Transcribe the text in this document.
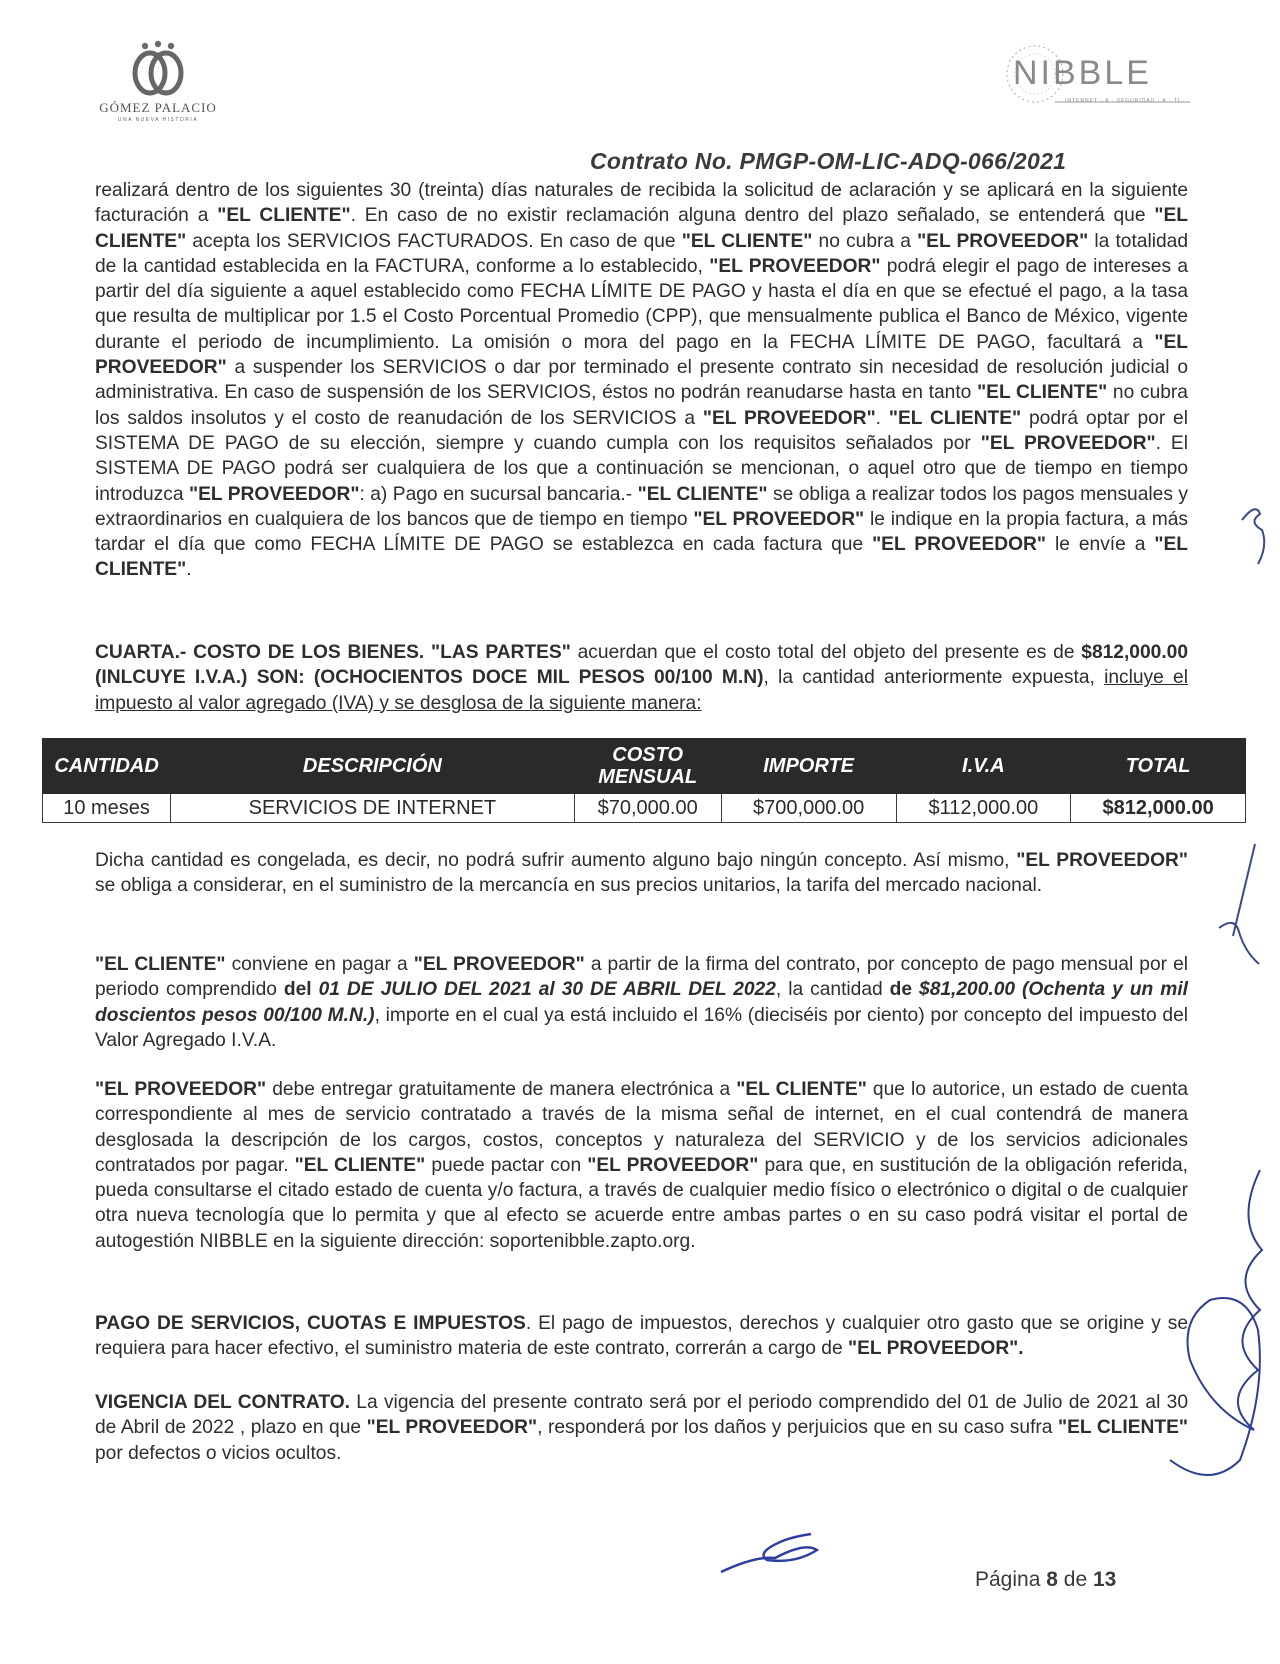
GÓMEZ PALACIO
UNA NUEVA HISTORIA
NIBBLE
INTERNET · A · SEGURIDAD · A · TI
Contrato No. PMGP-OM-LIC-ADQ-066/2021
realizará dentro de los siguientes 30 (treinta) días naturales de recibida la solicitud de aclaración y se aplicará en la siguiente facturación a "EL CLIENTE". En caso de no existir reclamación alguna dentro del plazo señalado, se entenderá que "EL CLIENTE" acepta los SERVICIOS FACTURADOS. En caso de que "EL CLIENTE" no cubra a "EL PROVEEDOR" la totalidad de la cantidad establecida en la FACTURA, conforme a lo establecido, "EL PROVEEDOR" podrá elegir el pago de intereses a partir del día siguiente a aquel establecido como FECHA LÍMITE DE PAGO y hasta el día en que se efectué el pago, a la tasa que resulta de multiplicar por 1.5 el Costo Porcentual Promedio (CPP), que mensualmente publica el Banco de México, vigente durante el periodo de incumplimiento. La omisión o mora del pago en la FECHA LÍMITE DE PAGO, facultará a "EL PROVEEDOR" a suspender los SERVICIOS o dar por terminado el presente contrato sin necesidad de resolución judicial o administrativa. En caso de suspensión de los SERVICIOS, éstos no podrán reanudarse hasta en tanto "EL CLIENTE" no cubra los saldos insolutos y el costo de reanudación de los SERVICIOS a "EL PROVEEDOR". "EL CLIENTE" podrá optar por el SISTEMA DE PAGO de su elección, siempre y cuando cumpla con los requisitos señalados por "EL PROVEEDOR". El SISTEMA DE PAGO podrá ser cualquiera de los que a continuación se mencionan, o aquel otro que de tiempo en tiempo introduzca "EL PROVEEDOR": a) Pago en sucursal bancaria.- "EL CLIENTE" se obliga a realizar todos los pagos mensuales y extraordinarios en cualquiera de los bancos que de tiempo en tiempo "EL PROVEEDOR" le indique en la propia factura, a más tardar el día que como FECHA LÍMITE DE PAGO se establezca en cada factura que "EL PROVEEDOR" le envíe a "EL CLIENTE".
CUARTA.- COSTO DE LOS BIENES. "LAS PARTES" acuerdan que el costo total del objeto del presente es de $812,000.00 (INLCUYE I.V.A.) SON: (OCHOCIENTOS DOCE MIL PESOS 00/100 M.N), la cantidad anteriormente expuesta, incluye el impuesto al valor agregado (IVA) y se desglosa de la siguiente manera:
CANTIDAD	DESCRIPCIÓN	COSTO MENSUAL	IMPORTE	I.V.A	TOTAL
10 meses	SERVICIOS DE INTERNET	$70,000.00	$700,000.00	$112,000.00	$812,000.00
Dicha cantidad es congelada, es decir, no podrá sufrir aumento alguno bajo ningún concepto. Así mismo, "EL PROVEEDOR" se obliga a considerar, en el suministro de la mercancía en sus precios unitarios, la tarifa del mercado nacional.
"EL CLIENTE" conviene en pagar a "EL PROVEEDOR" a partir de la firma del contrato, por concepto de pago mensual por el periodo comprendido del 01 DE JULIO DEL 2021 al 30 DE ABRIL DEL 2022, la cantidad de $81,200.00 (Ochenta y un mil doscientos pesos 00/100 M.N.), importe en el cual ya está incluido el 16% (dieciséis por ciento) por concepto del impuesto del Valor Agregado I.V.A.
"EL PROVEEDOR" debe entregar gratuitamente de manera electrónica a "EL CLIENTE" que lo autorice, un estado de cuenta correspondiente al mes de servicio contratado a través de la misma señal de internet, en el cual contendrá de manera desglosada la descripción de los cargos, costos, conceptos y naturaleza del SERVICIO y de los servicios adicionales contratados por pagar. "EL CLIENTE" puede pactar con "EL PROVEEDOR" para que, en sustitución de la obligación referida, pueda consultarse el citado estado de cuenta y/o factura, a través de cualquier medio físico o electrónico o digital o de cualquier otra nueva tecnología que lo permita y que al efecto se acuerde entre ambas partes o en su caso podrá visitar el portal de autogestión NIBBLE en la siguiente dirección: soportenibble.zapto.org.
PAGO DE SERVICIOS, CUOTAS E IMPUESTOS. El pago de impuestos, derechos y cualquier otro gasto que se origine y se requiera para hacer efectivo, el suministro materia de este contrato, correrán a cargo de "EL PROVEEDOR".
VIGENCIA DEL CONTRATO. La vigencia del presente contrato será por el periodo comprendido del 01 de Julio de 2021 al 30 de Abril de 2022 , plazo en que "EL PROVEEDOR", responderá por los daños y perjuicios que en su caso sufra "EL CLIENTE" por defectos o vicios ocultos.
Página 8 de 13
